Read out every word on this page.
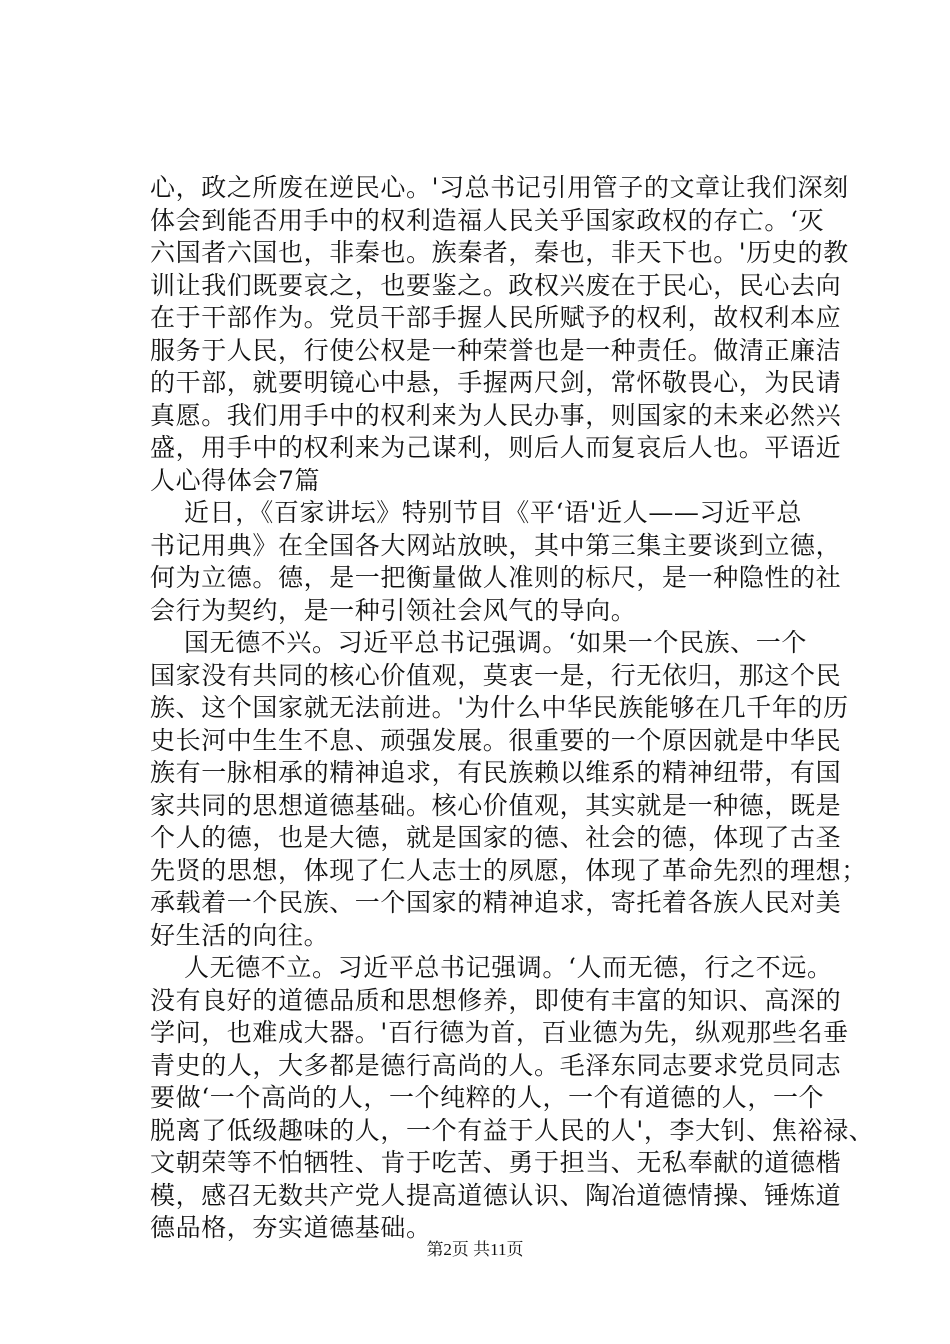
心，政之所废在逆民心。'习总书记引用管子的文章让我们深刻
体会到能否用手中的权利造福人民关乎国家政权的存亡。‘灭
六国者六国也，非秦也。族秦者，秦也，非天下也。'历史的教
训让我们既要哀之，也要鉴之。政权兴废在于民心，民心去向
在于干部作为。党员干部手握人民所赋予的权利，故权利本应
服务于人民，行使公权是一种荣誉也是一种责任。做清正廉洁
的干部，就要明镜心中悬，手握两尺剑，常怀敬畏心，为民请
真愿。我们用手中的权利来为人民办事，则国家的未来必然兴
盛，用手中的权利来为己谋利，则后人而复哀后人也。平语近
人心得体会7篇
近日，《百家讲坛》特别节目《平‘语'近人——习近平总
书记用典》在全国各大网站放映，其中第三集主要谈到立德，
何为立德。德，是一把衡量做人准则的标尺，是一种隐性的社
会行为契约，是一种引领社会风气的导向。
国无德不兴。习近平总书记强调。‘如果一个民族、一个
国家没有共同的核心价值观，莫衷一是，行无依归，那这个民
族、这个国家就无法前进。'为什么中华民族能够在几千年的历
史长河中生生不息、顽强发展。很重要的一个原因就是中华民
族有一脉相承的精神追求，有民族赖以维系的精神纽带，有国
家共同的思想道德基础。核心价值观，其实就是一种德，既是
个人的德，也是大德，就是国家的德、社会的德，体现了古圣
先贤的思想，体现了仁人志士的夙愿，体现了革命先烈的理想；
承载着一个民族、一个国家的精神追求，寄托着各族人民对美
好生活的向往。
人无德不立。习近平总书记强调。‘人而无德，行之不远。
没有良好的道德品质和思想修养，即使有丰富的知识、高深的
学问，也难成大器。'百行德为首，百业德为先，纵观那些名垂
青史的人，大多都是德行高尚的人。毛泽东同志要求党员同志
要做‘一个高尚的人，一个纯粹的人，一个有道德的人，一个
脱离了低级趣味的人，一个有益于人民的人'，李大钊、焦裕禄、
文朝荣等不怕牺牲、肯于吃苦、勇于担当、无私奉献的道德楷
模，感召无数共产党人提高道德认识、陶冶道德情操、锤炼道
德品格，夯实道德基础。
第2页 共11页
